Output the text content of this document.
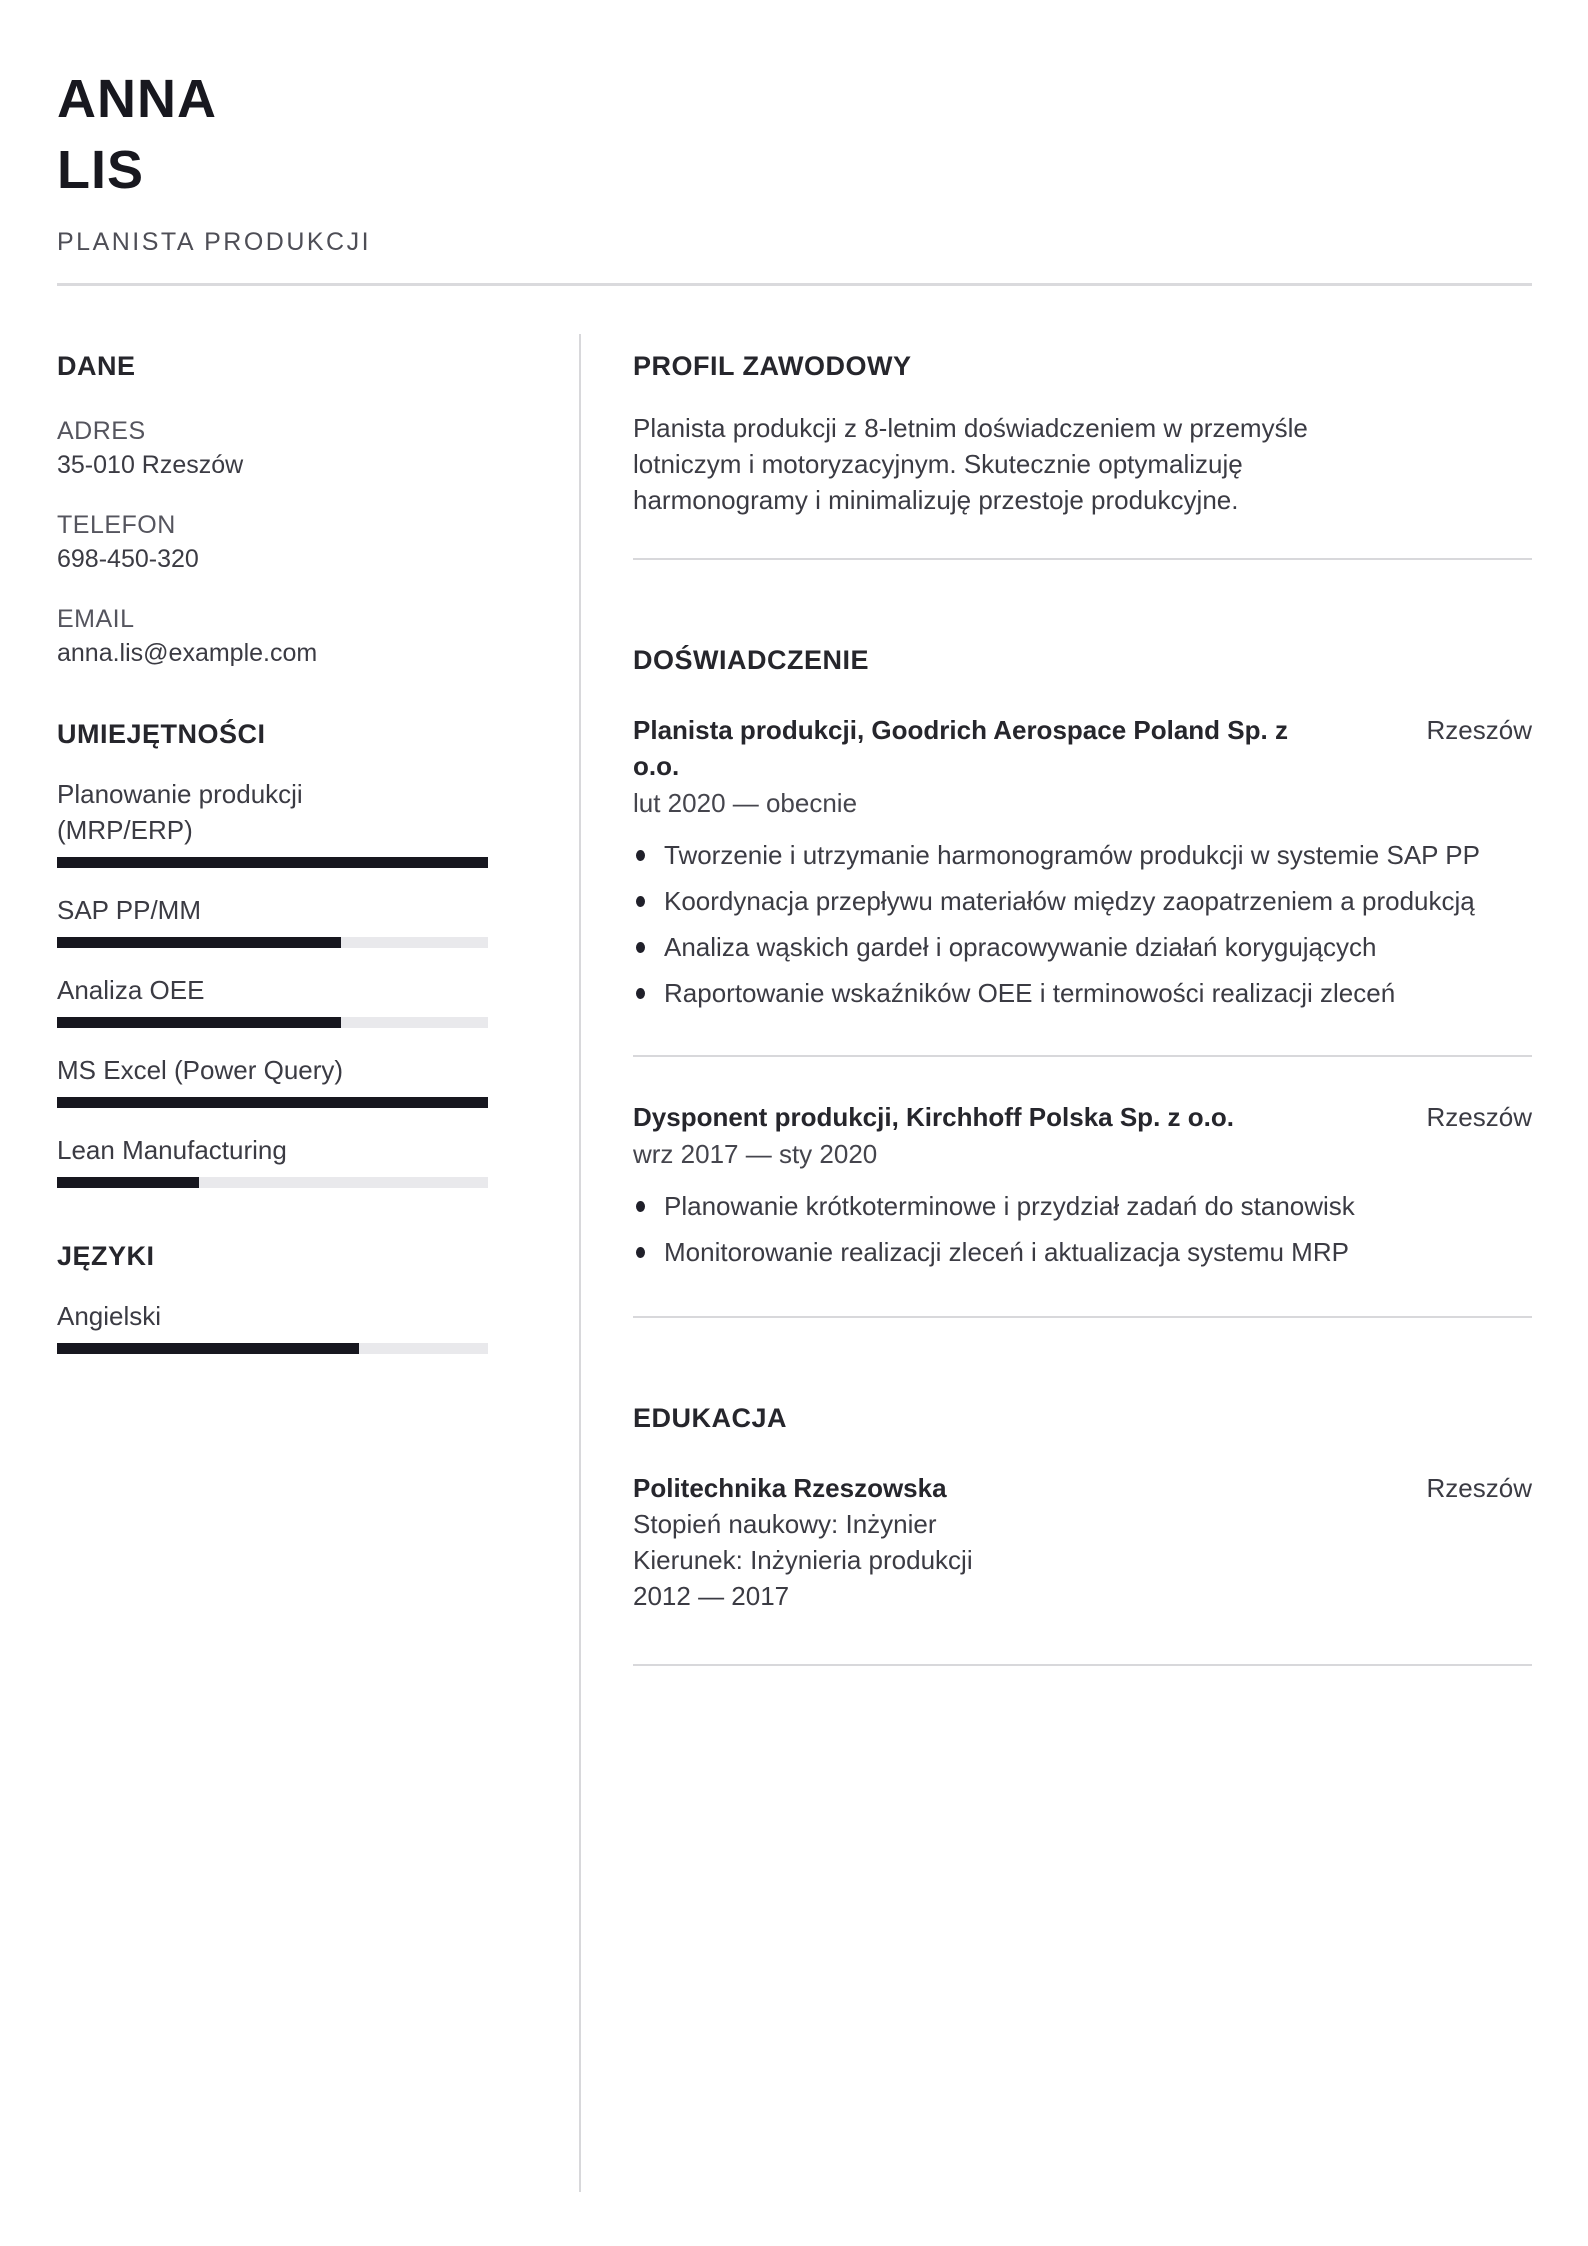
ANNA
LIS
PLANISTA PRODUKCJI
DANE
ADRES
35-010 Rzeszów
TELEFON
698-450-320
EMAIL
anna.lis@example.com
UMIEJĘTNOŚCI
Planowanie produkcji (MRP/ERP)
SAP PP/MM
Analiza OEE
MS Excel (Power Query)
Lean Manufacturing
JĘZYKI
Angielski
PROFIL ZAWODOWY

Planista produkcji z 8-letnim doświadczeniem w przemyśle lotniczym i motoryzacyjnym. Skutecznie optymalizuję harmonogramy i minimalizuję przestoje produkcyjne.

DOŚWIADCZENIE
Planista produkcji, Goodrich Aerospace Poland Sp. z o.o.
Rzeszów
lut 2020 — obecnie
Tworzenie i utrzymanie harmonogramów produkcji w systemie SAP PP
Koordynacja przepływu materiałów między zaopatrzeniem a produkcją
Analiza wąskich gardeł i opracowywanie działań korygujących
Raportowanie wskaźników OEE i terminowości realizacji zleceń
Dysponent produkcji, Kirchhoff Polska Sp. z o.o.	Rzeszów
wrz 2017 — sty 2020
Planowanie krótkoterminowe i przydział zadań do stanowisk
Monitorowanie realizacji zleceń i aktualizacja systemu MRP
EDUKACJA
Politechnika Rzeszowska	Rzeszów
Stopień naukowy: Inżynier
Kierunek: Inżynieria produkcji
2012 — 2017
